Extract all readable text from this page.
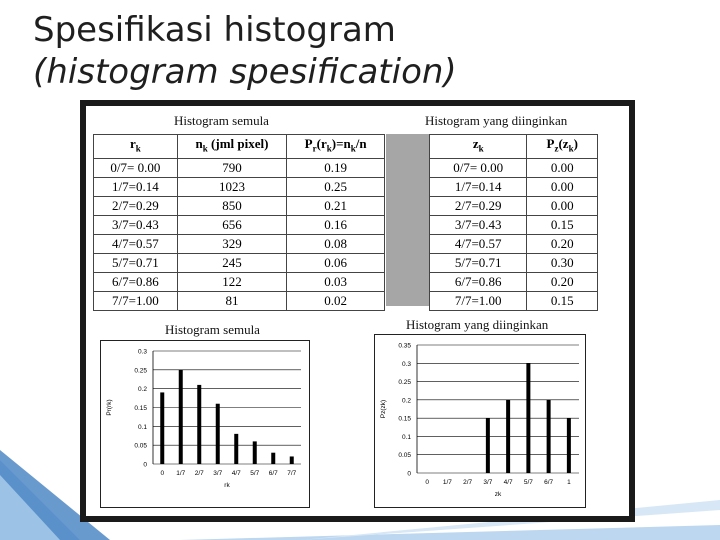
Spesifikasi histogram
(histogram spesification)
Histogram semula	Histogram yang diinginkan
$r_k$	$n_k$ (jml pixel)	$P_r(r_k)=n_k/n$
0/7= 0.00	790	0.19
1/7=0.14	1023	0.25
2/7=0.29	850	0.21
3/7=0.43	656	0.16
4/7=0.57	329	0.08
5/7=0.71	245	0.06
6/7=0.86	122	0.03
7/7=1.00	81	0.02
$z_k$	$P_z(z_k)$
0/7= 0.00	0.00
1/7=0.14	0.00
2/7=0.29	0.00
3/7=0.43	0.15
4/7=0.57	0.20
5/7=0.71	0.30
6/7=0.86	0.20
7/7=1.00	0.15
Histogram semula	Histogram yang diinginkan
0
0.05
0.1
0.15
0.2
0.25
0.3
0 1/7 2/7 3/7 4/7 5/7 6/7 7/7
rk
Pr(rk)
0
0.05
0.1
0.15
0.2
0.25
0.3
0.35
0 1/7 2/7 3/7 4/7 5/7 6/7 1
zk
Pz(zk)
